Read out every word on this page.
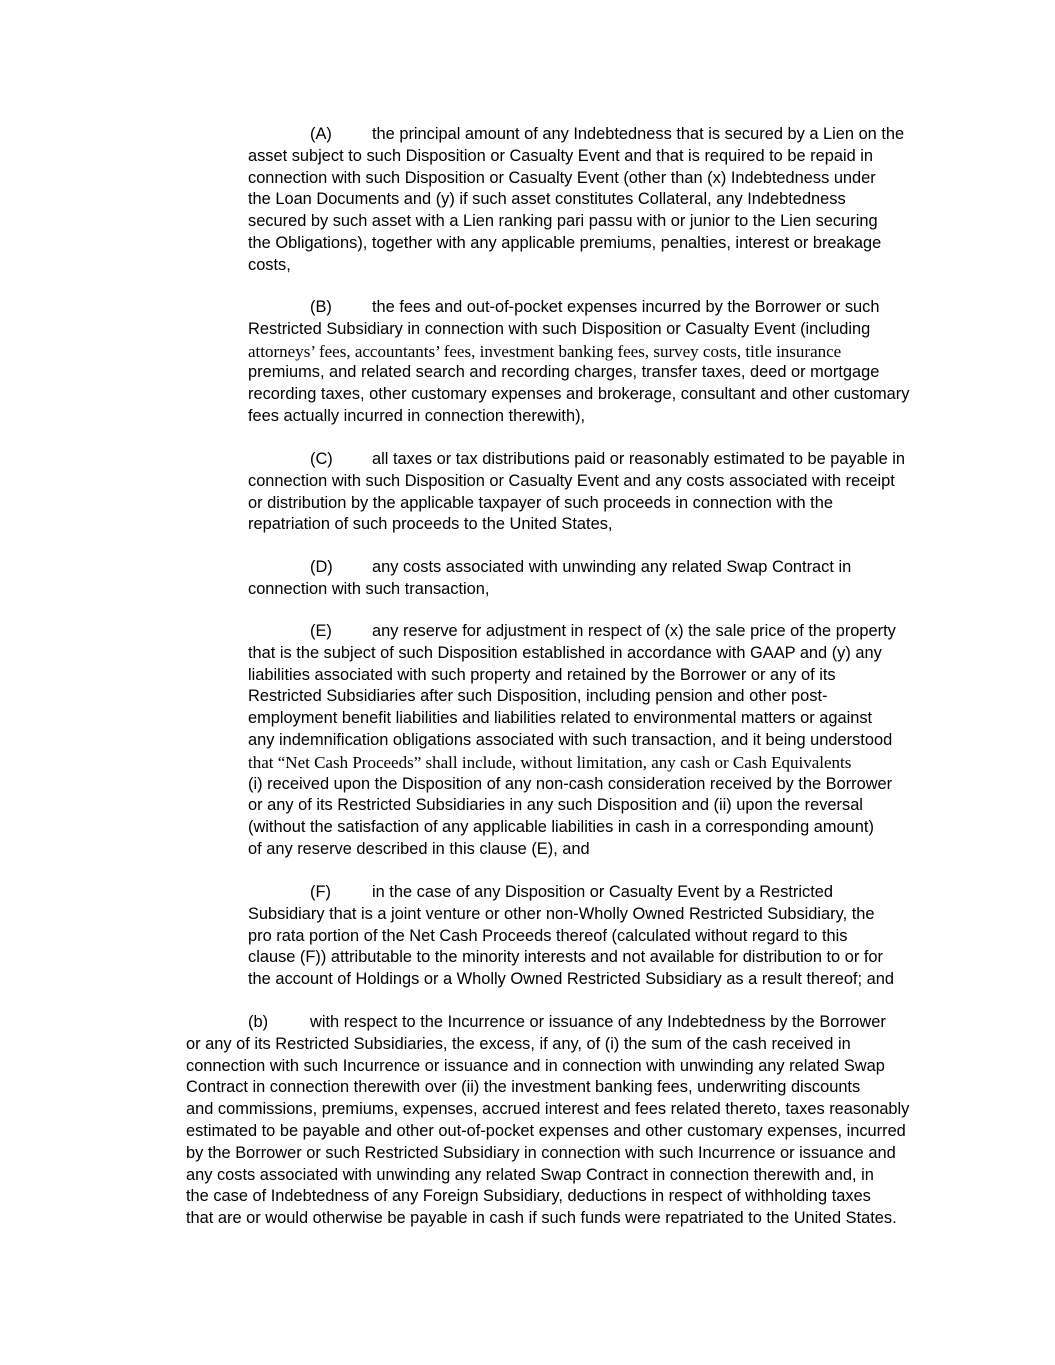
(A) the principal amount of any Indebtedness that is secured by a Lien on the
asset subject to such Disposition or Casualty Event and that is required to be repaid in
connection with such Disposition or Casualty Event (other than (x) Indebtedness under
the Loan Documents and (y) if such asset constitutes Collateral, any Indebtedness
secured by such asset with a Lien ranking pari passu with or junior to the Lien securing
the Obligations), together with any applicable premiums, penalties, interest or breakage
costs,
(B) the fees and out-of-pocket expenses incurred by the Borrower or such
Restricted Subsidiary in connection with such Disposition or Casualty Event (including
attorneys’ fees, accountants’ fees, investment banking fees, survey costs, title insurance
premiums, and related search and recording charges, transfer taxes, deed or mortgage
recording taxes, other customary expenses and brokerage, consultant and other customary
fees actually incurred in connection therewith),
(C) all taxes or tax distributions paid or reasonably estimated to be payable in
connection with such Disposition or Casualty Event and any costs associated with receipt
or distribution by the applicable taxpayer of such proceeds in connection with the
repatriation of such proceeds to the United States,
(D) any costs associated with unwinding any related Swap Contract in
connection with such transaction,
(E) any reserve for adjustment in respect of (x) the sale price of the property
that is the subject of such Disposition established in accordance with GAAP and (y) any
liabilities associated with such property and retained by the Borrower or any of its
Restricted Subsidiaries after such Disposition, including pension and other post-
employment benefit liabilities and liabilities related to environmental matters or against
any indemnification obligations associated with such transaction, and it being understood
that “Net Cash Proceeds” shall include, without limitation, any cash or Cash Equivalents
(i) received upon the Disposition of any non-cash consideration received by the Borrower
or any of its Restricted Subsidiaries in any such Disposition and (ii) upon the reversal
(without the satisfaction of any applicable liabilities in cash in a corresponding amount)
of any reserve described in this clause (E), and
(F)	in the case of any Disposition or Casualty Event by a Restricted
Subsidiary that is a joint venture or other non-Wholly Owned Restricted Subsidiary, the
pro rata portion of the Net Cash Proceeds thereof (calculated without regard to this
clause (F)) attributable to the minority interests and not available for distribution to or for
the account of Holdings or a Wholly Owned Restricted Subsidiary as a result thereof; and
(b)	with respect to the Incurrence or issuance of any Indebtedness by the Borrower
or any of its Restricted Subsidiaries, the excess, if any, of (i) the sum of the cash received in
connection with such Incurrence or issuance and in connection with unwinding any related Swap
Contract in connection therewith over (ii) the investment banking fees, underwriting discounts
and commissions, premiums, expenses, accrued interest and fees related thereto, taxes reasonably
estimated to be payable and other out-of-pocket expenses and other customary expenses, incurred
by the Borrower or such Restricted Subsidiary in connection with such Incurrence or issuance and
any costs associated with unwinding any related Swap Contract in connection therewith and, in
the case of Indebtedness of any Foreign Subsidiary, deductions in respect of withholding taxes
that are or would otherwise be payable in cash if such funds were repatriated to the United States.
